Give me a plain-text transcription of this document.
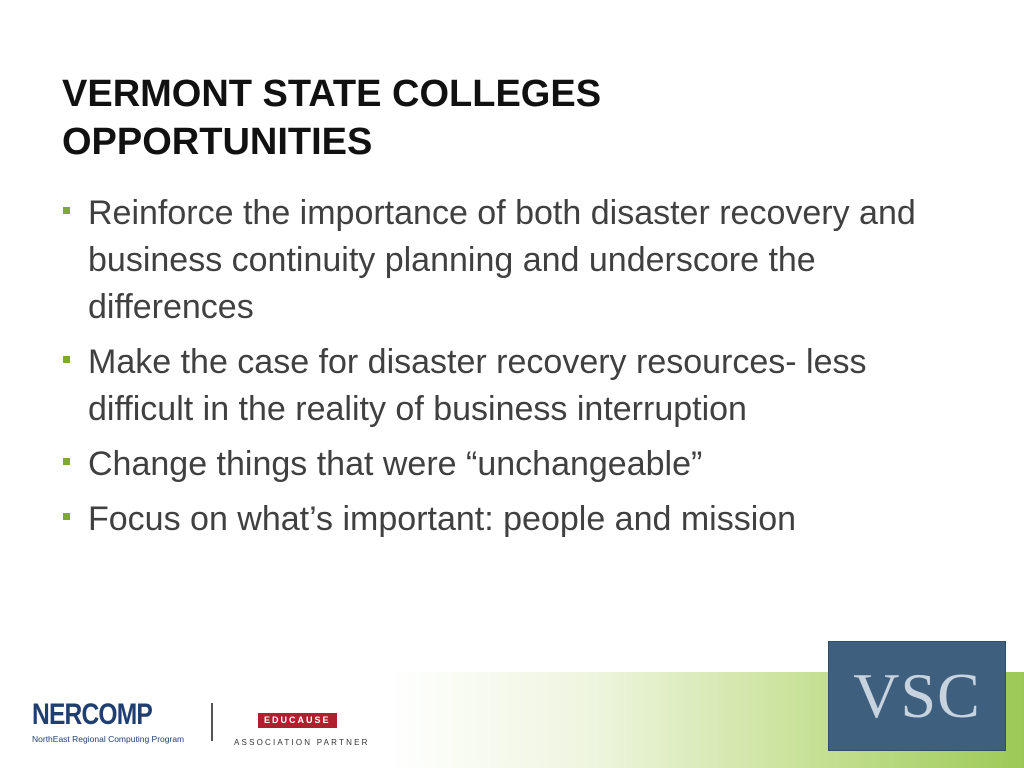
VERMONT STATE COLLEGES
OPPORTUNITIES
Reinforce the importance of both disaster recovery and business continuity planning and underscore the differences
Make the case for disaster recovery resources- less difficult in the reality of business interruption
Change things that were “unchangeable”
Focus on what’s important: people and mission
NERCOMP
NorthEast Regional Computing Program
EDUCAUSE
ASSOCIATION PARTNER
VSC
